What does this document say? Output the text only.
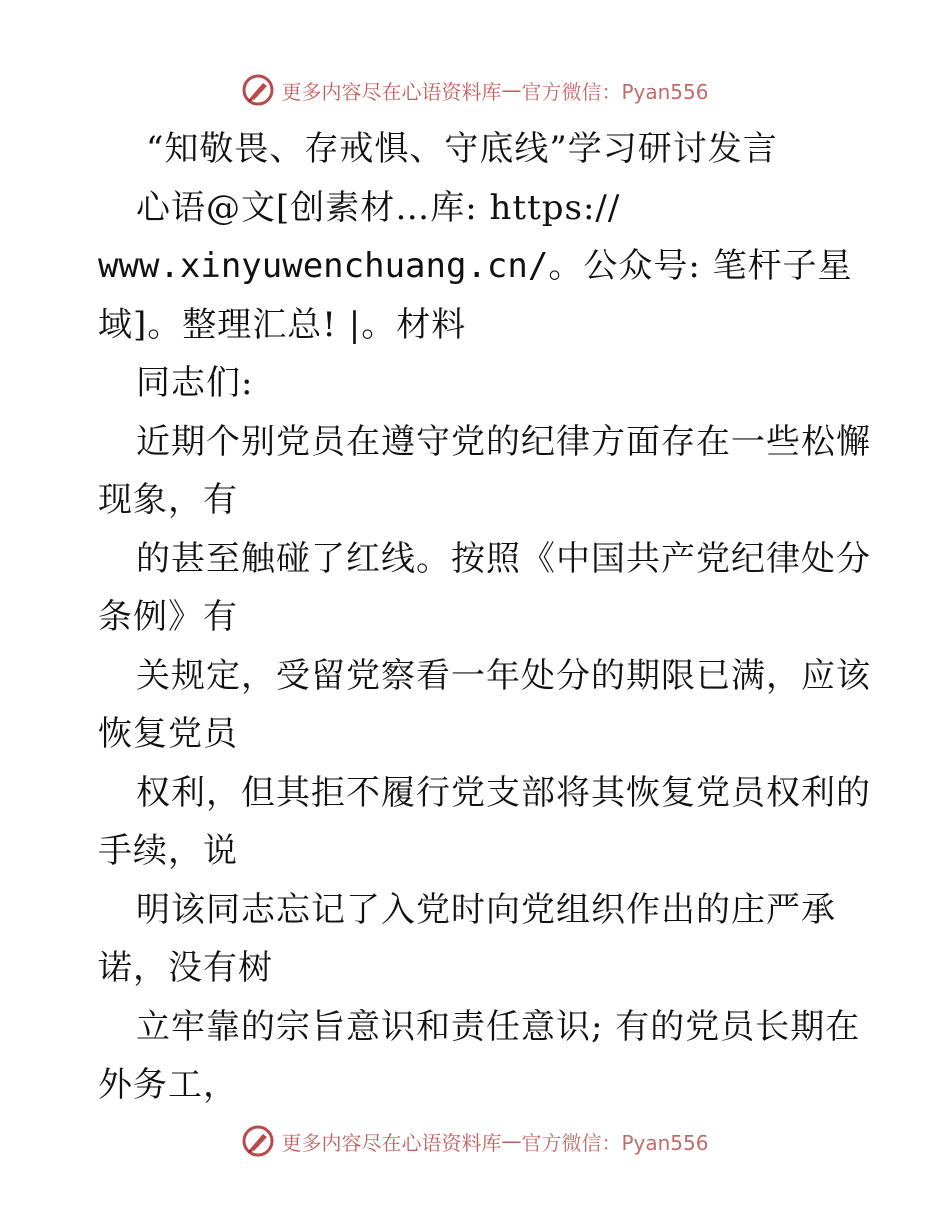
更多内容尽在心语资料库 — 官方微信：Pyan556
“知敬畏、存戒惧、守底线”学习研讨发言
心语@文[创素材…库: https://
www.xinyuwenchuang.cn/。公众号: 笔杆子星
域]。整理汇总! |。材料
同志们:
近期个别党员在遵守党的纪律方面存在一些松懈
现象，有
的甚至触碰了红线。按照《中国共产党纪律处分
条例》有
关规定，受留党察看一年处分的期限已满，应该
恢复党员
权利，但其拒不履行党支部将其恢复党员权利的
手续，说
明该同志忘记了入党时向党组织作出的庄严承
诺，没有树
立牢靠的宗旨意识和责任意识; 有的党员长期在
外务工，
更多内容尽在心语资料库 — 官方微信：Pyan556
